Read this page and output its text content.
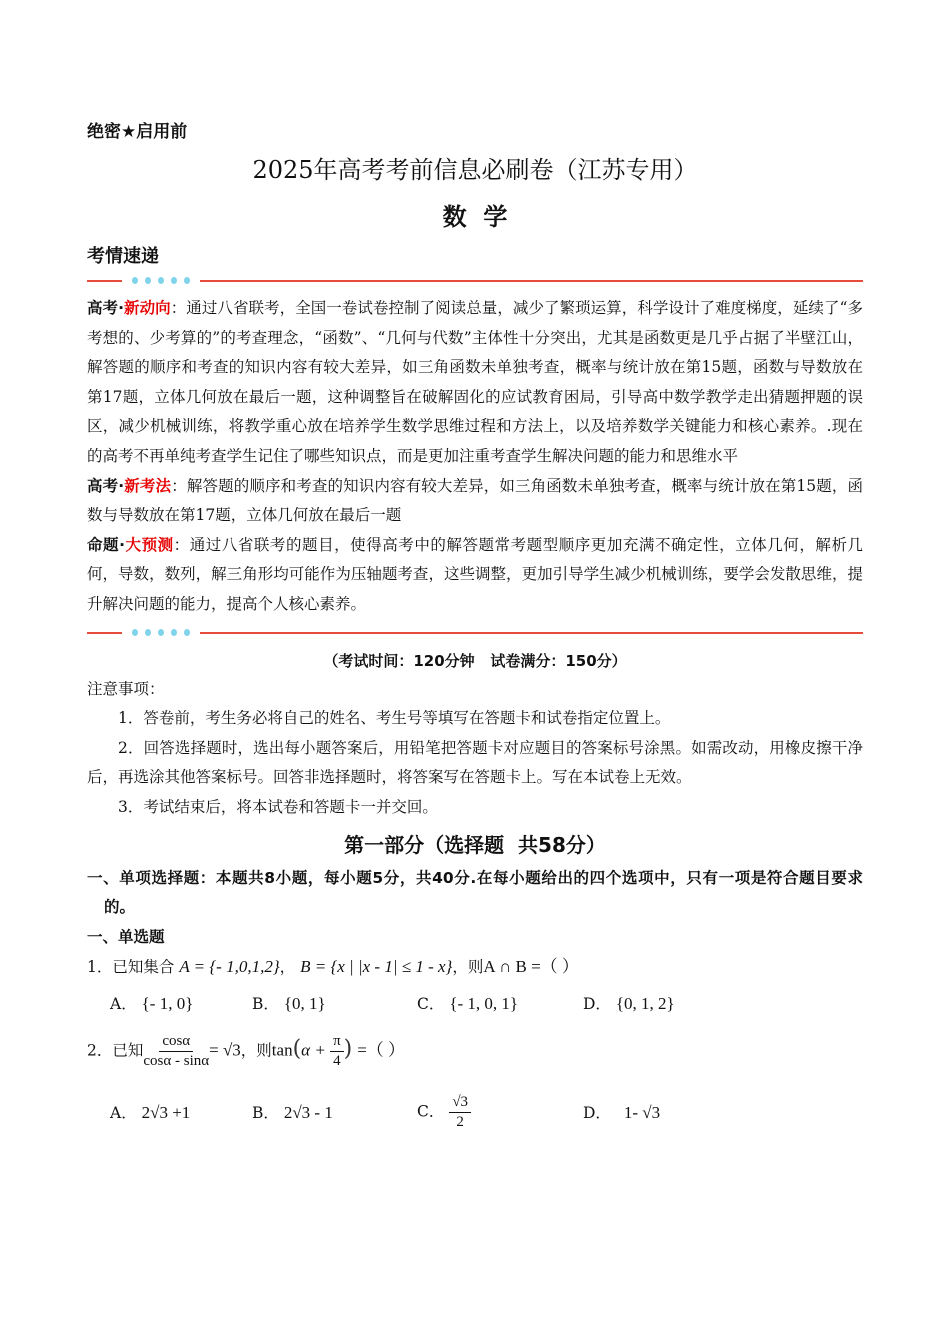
绝密★启用前
2025年高考考前信息必刷卷（江苏专用）
数  学
考情速递
高考·新动向：通过八省联考，全国一卷试卷控制了阅读总量，减少了繁琐运算，科学设计了难度梯度，延续了“多考想的、少考算的”的考查理念，“函数”、“几何与代数”主体性十分突出，尤其是函数更是几乎占据了半壁江山，解答题的顺序和考查的知识内容有较大差异，如三角函数未单独考查，概率与统计放在第15题，函数与导数放在第17题，立体几何放在最后一题，这种调整旨在破解固化的应试教育困局，引导高中数学教学走出猜题押题的误区，减少机械训练，将教学重心放在培养学生数学思维过程和方法上，以及培养数学关键能力和核心素养。.现在的高考不再单纯考查学生记住了哪些知识点，而是更加注重考查学生解决问题的能力和思维水平
高考·新考法：解答题的顺序和考查的知识内容有较大差异，如三角函数未单独考查，概率与统计放在第15题，函数与导数放在第17题，立体几何放在最后一题
命题·大预测：通过八省联考的题目，使得高考中的解答题常考题型顺序更加充满不确定性，立体几何，解析几何，导数，数列，解三角形均可能作为压轴题考查，这些调整，更加引导学生减少机械训练，要学会发散思维，提升解决问题的能力，提高个人核心素养。
（考试时间：120分钟   试卷满分：150分）
注意事项：
1．答卷前，考生务必将自己的姓名、考生号等填写在答题卡和试卷指定位置上。
2．回答选择题时，选出每小题答案后，用铅笔把答题卡对应题目的答案标号涂黑。如需改动，用橡皮擦干净后，再选涂其他答案标号。回答非选择题时，将答案写在答题卡上。写在本试卷上无效。
3．考试结束后，将本试卷和答题卡一并交回。
第一部分（选择题  共58分）
一、单项选择题：本题共8小题，每小题5分，共40分.在每小题给出的四个选项中，只有一项是符合题目要求的。
一、单选题
1．已知集合 A = {- 1,0,1,2}， B = {x | |x - 1| ≤ 1 - x}，则A ∩ B =（ ）
A． {- 1, 0}	B． {0, 1}	C． {- 1, 0, 1}	D． {0, 1, 2}
2．已知 $\frac{\cos\alpha}{\cos\alpha - \sin\alpha} = √3$，则$\tan(\alpha + \frac{\pi}{4}$ ) =（ ）
A． 2√3 +1	B． 2√3 - 1	C． $\frac{√3}{2}$	D． 1- √3
